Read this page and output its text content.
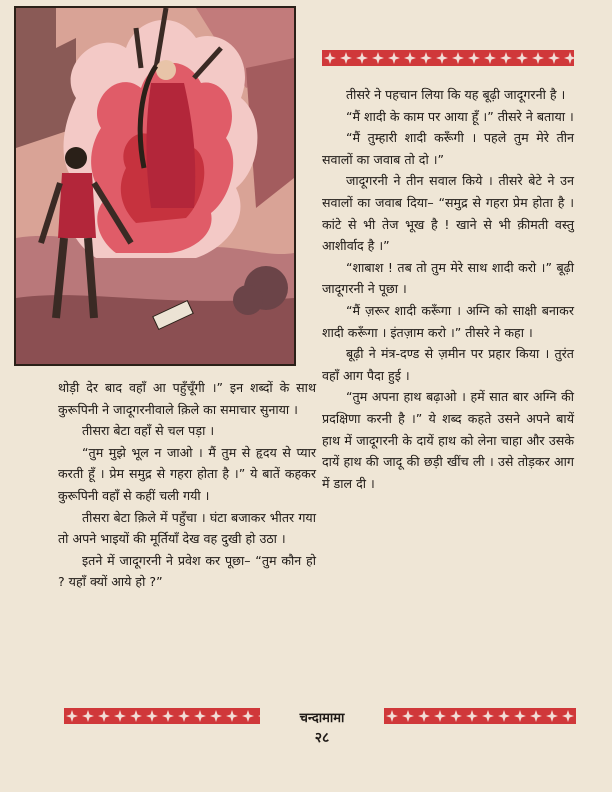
तीसरे ने पहचान लिया कि यह बूढ़ी जादूगरनी है ।

“मैं शादी के काम पर आया हूँ ।” तीसरे ने बताया ।

“मैं तुम्हारी शादी करूँगी । पहले तुम मेरे तीन सवालों का जवाब तो दो ।”

जादूगरनी ने तीन सवाल किये । तीसरे बेटे ने उन सवालों का जवाब दिया– “समुद्र से गहरा प्रेम होता है । कांटे से भी तेज भूख है ! खाने से भी क़ीमती वस्तु आशीर्वाद है ।”

“शाबाश ! तब तो तुम मेरे साथ शादी करो ।” बूढ़ी जादूगरनी ने पूछा ।

“मैं ज़रूर शादी करूँगा । अग्नि को साक्षी बनाकर शादी करूँगा । इंतज़ाम करो ।” तीसरे ने कहा ।

बूढ़ी ने मंत्र-दण्ड से ज़मीन पर प्रहार किया । तुरंत वहाँ आग पैदा हुई ।

“तुम अपना हाथ बढ़ाओ । हमें सात बार अग्नि की प्रदक्षिणा करनी है ।” ये शब्द कहते उसने अपने बायें हाथ में जादूगरनी के दायें हाथ को लेना चाहा और उसके दायें हाथ की जादू की छड़ी खींच ली । उसे तोड़कर आग में डाल दी ।

थोड़ी देर बाद वहाँ आ पहुँचूँगी ।” इन शब्दों के साथ कुरूपिनी ने जादूगरनीवाले क़िले का समाचार सुनाया ।

तीसरा बेटा वहाँ से चल पड़ा ।

“तुम मुझे भूल न जाओ । मैं तुम से हृदय से प्यार करती हूँ । प्रेम समुद्र से गहरा होता है ।” ये बातें कहकर कुरूपिनी वहाँ से कहीं चली गयी ।

तीसरा बेटा क़िले में पहुँचा । घंटा बजाकर भीतर गया तो अपने भाइयों की मूर्तियाँ देख वह दुखी हो उठा ।

इतने में जादूगरनी ने प्रवेश कर पूछा– “तुम कौन हो ? यहाँ क्यों आये हो ?”

चन्दामामा
२८
